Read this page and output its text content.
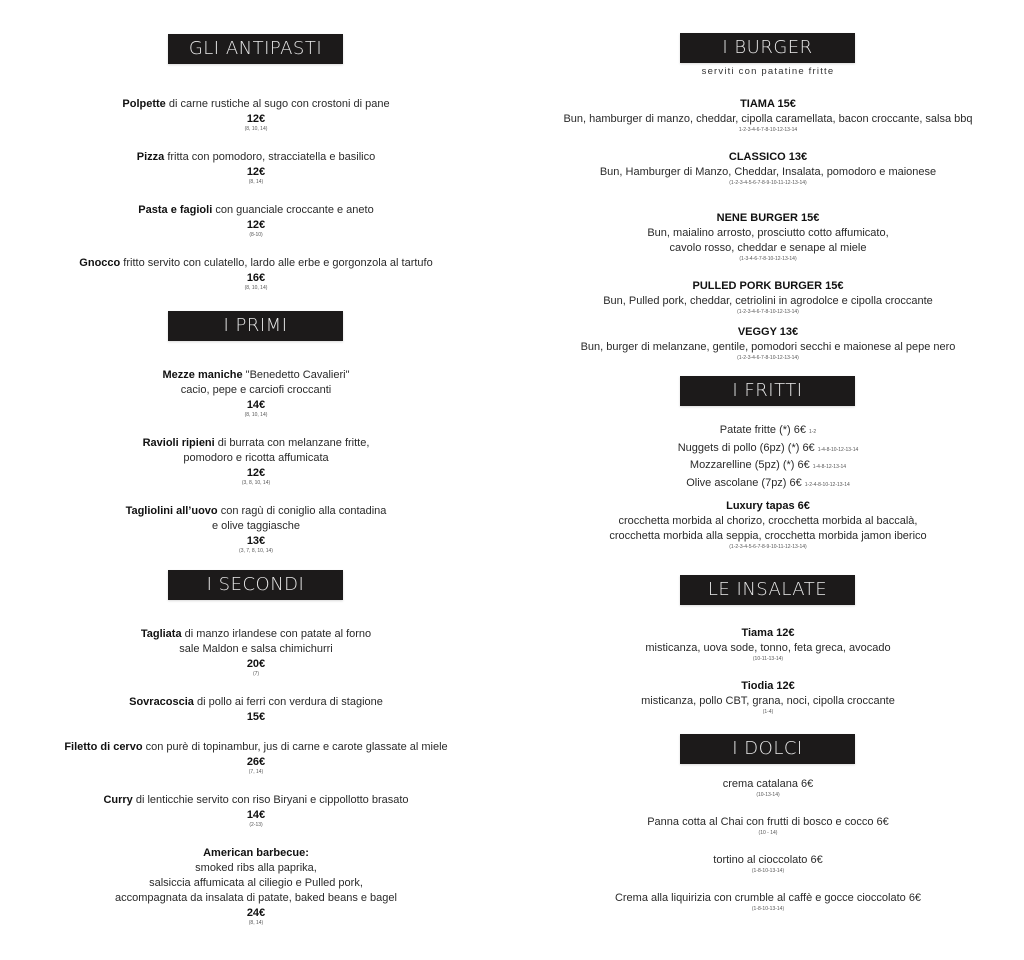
GLI ANTIPASTI
Polpette di carne rustiche al sugo con crostoni di pane
12€
(8, 10, 14)
Pizza fritta con pomodoro, stracciatella e basilico
12€
(8, 14)
Pasta e fagioli con guanciale croccante e aneto
12€
(8-10)
Gnocco fritto servito con culatello, lardo alle erbe e gorgonzola al tartufo
16€
(8, 10, 14)
I PRIMI
Mezze maniche "Benedetto Cavalieri"
cacio, pepe e carciofi croccanti
14€
(8, 10, 14)
Ravioli ripieni di burrata con melanzane fritte,
pomodoro e ricotta affumicata
12€
(3, 8, 10, 14)
Tagliolini all’uovo con ragù di coniglio alla contadina
e olive taggiasche
13€
(3, 7, 8, 10, 14)
I SECONDI
Tagliata di manzo irlandese con patate al forno
sale Maldon e salsa chimichurri
20€
(7)
Sovracoscia di pollo ai ferri con verdura di stagione
15€
Filetto di cervo con purè di topinambur, jus di carne e carote glassate al miele
26€
(7, 14)
Curry di lenticchie servito con riso Biryani e cippollotto brasato
14€
(2-13)
American barbecue:
smoked ribs alla paprika,
salsiccia affumicata al ciliegio e Pulled pork,
accompagnata da insalata di patate, baked beans e bagel
24€
(8, 14)
I BURGER
serviti con patatine fritte
TIAMA 15€
Bun, hamburger di manzo, cheddar, cipolla caramellata, bacon croccante, salsa bbq
1-2-3-4-6-7-8-10-12-13-14
CLASSICO 13€
Bun, Hamburger di Manzo, Cheddar, Insalata, pomodoro e maionese
(1-2-3-4-5-6-7-8-9-10-11-12-13-14)
NENE BURGER 15€
Bun, maialino arrosto, prosciutto cotto affumicato,
cavolo rosso, cheddar e senape al miele
(1-3-4-6-7-8-10-12-13-14)
PULLED PORK BURGER 15€
Bun, Pulled pork, cheddar, cetriolini in agrodolce e cipolla croccante
(1-2-3-4-6-7-8-10-12-13-14)
VEGGY 13€
Bun, burger di melanzane, gentile, pomodori secchi e maionese al pepe nero
(1-2-3-4-6-7-8-10-12-13-14)
I FRITTI
Patate fritte (*) 6€ 1-2
Nuggets di pollo (6pz) (*) 6€ 1-4-8-10-12-13-14
Mozzarelline (5pz) (*) 6€ 1-4-8-12-13-14
Olive ascolane (7pz) 6€ 1-2-4-8-10-12-13-14
Luxury tapas 6€
crocchetta morbida al chorizo, crocchetta morbida al baccalà,
crocchetta morbida alla seppia, crocchetta morbida jamon iberico
(1-2-3-4-5-6-7-8-9-10-11-12-13-14)
LE INSALATE
Tiama 12€
misticanza, uova sode, tonno, feta greca, avocado
(10-11-13-14)
Tiodia 12€
misticanza, pollo CBT, grana, noci, cipolla croccante
(1-4)
I DOLCI
crema catalana 6€
(10-13-14)
Panna cotta al Chai con frutti di bosco e cocco 6€
(10 - 14)
tortino al cioccolato 6€
(1-8-10-13-14)
Crema alla liquirizia con crumble al caffè e gocce cioccolato 6€
(1-8-10-13-14)
